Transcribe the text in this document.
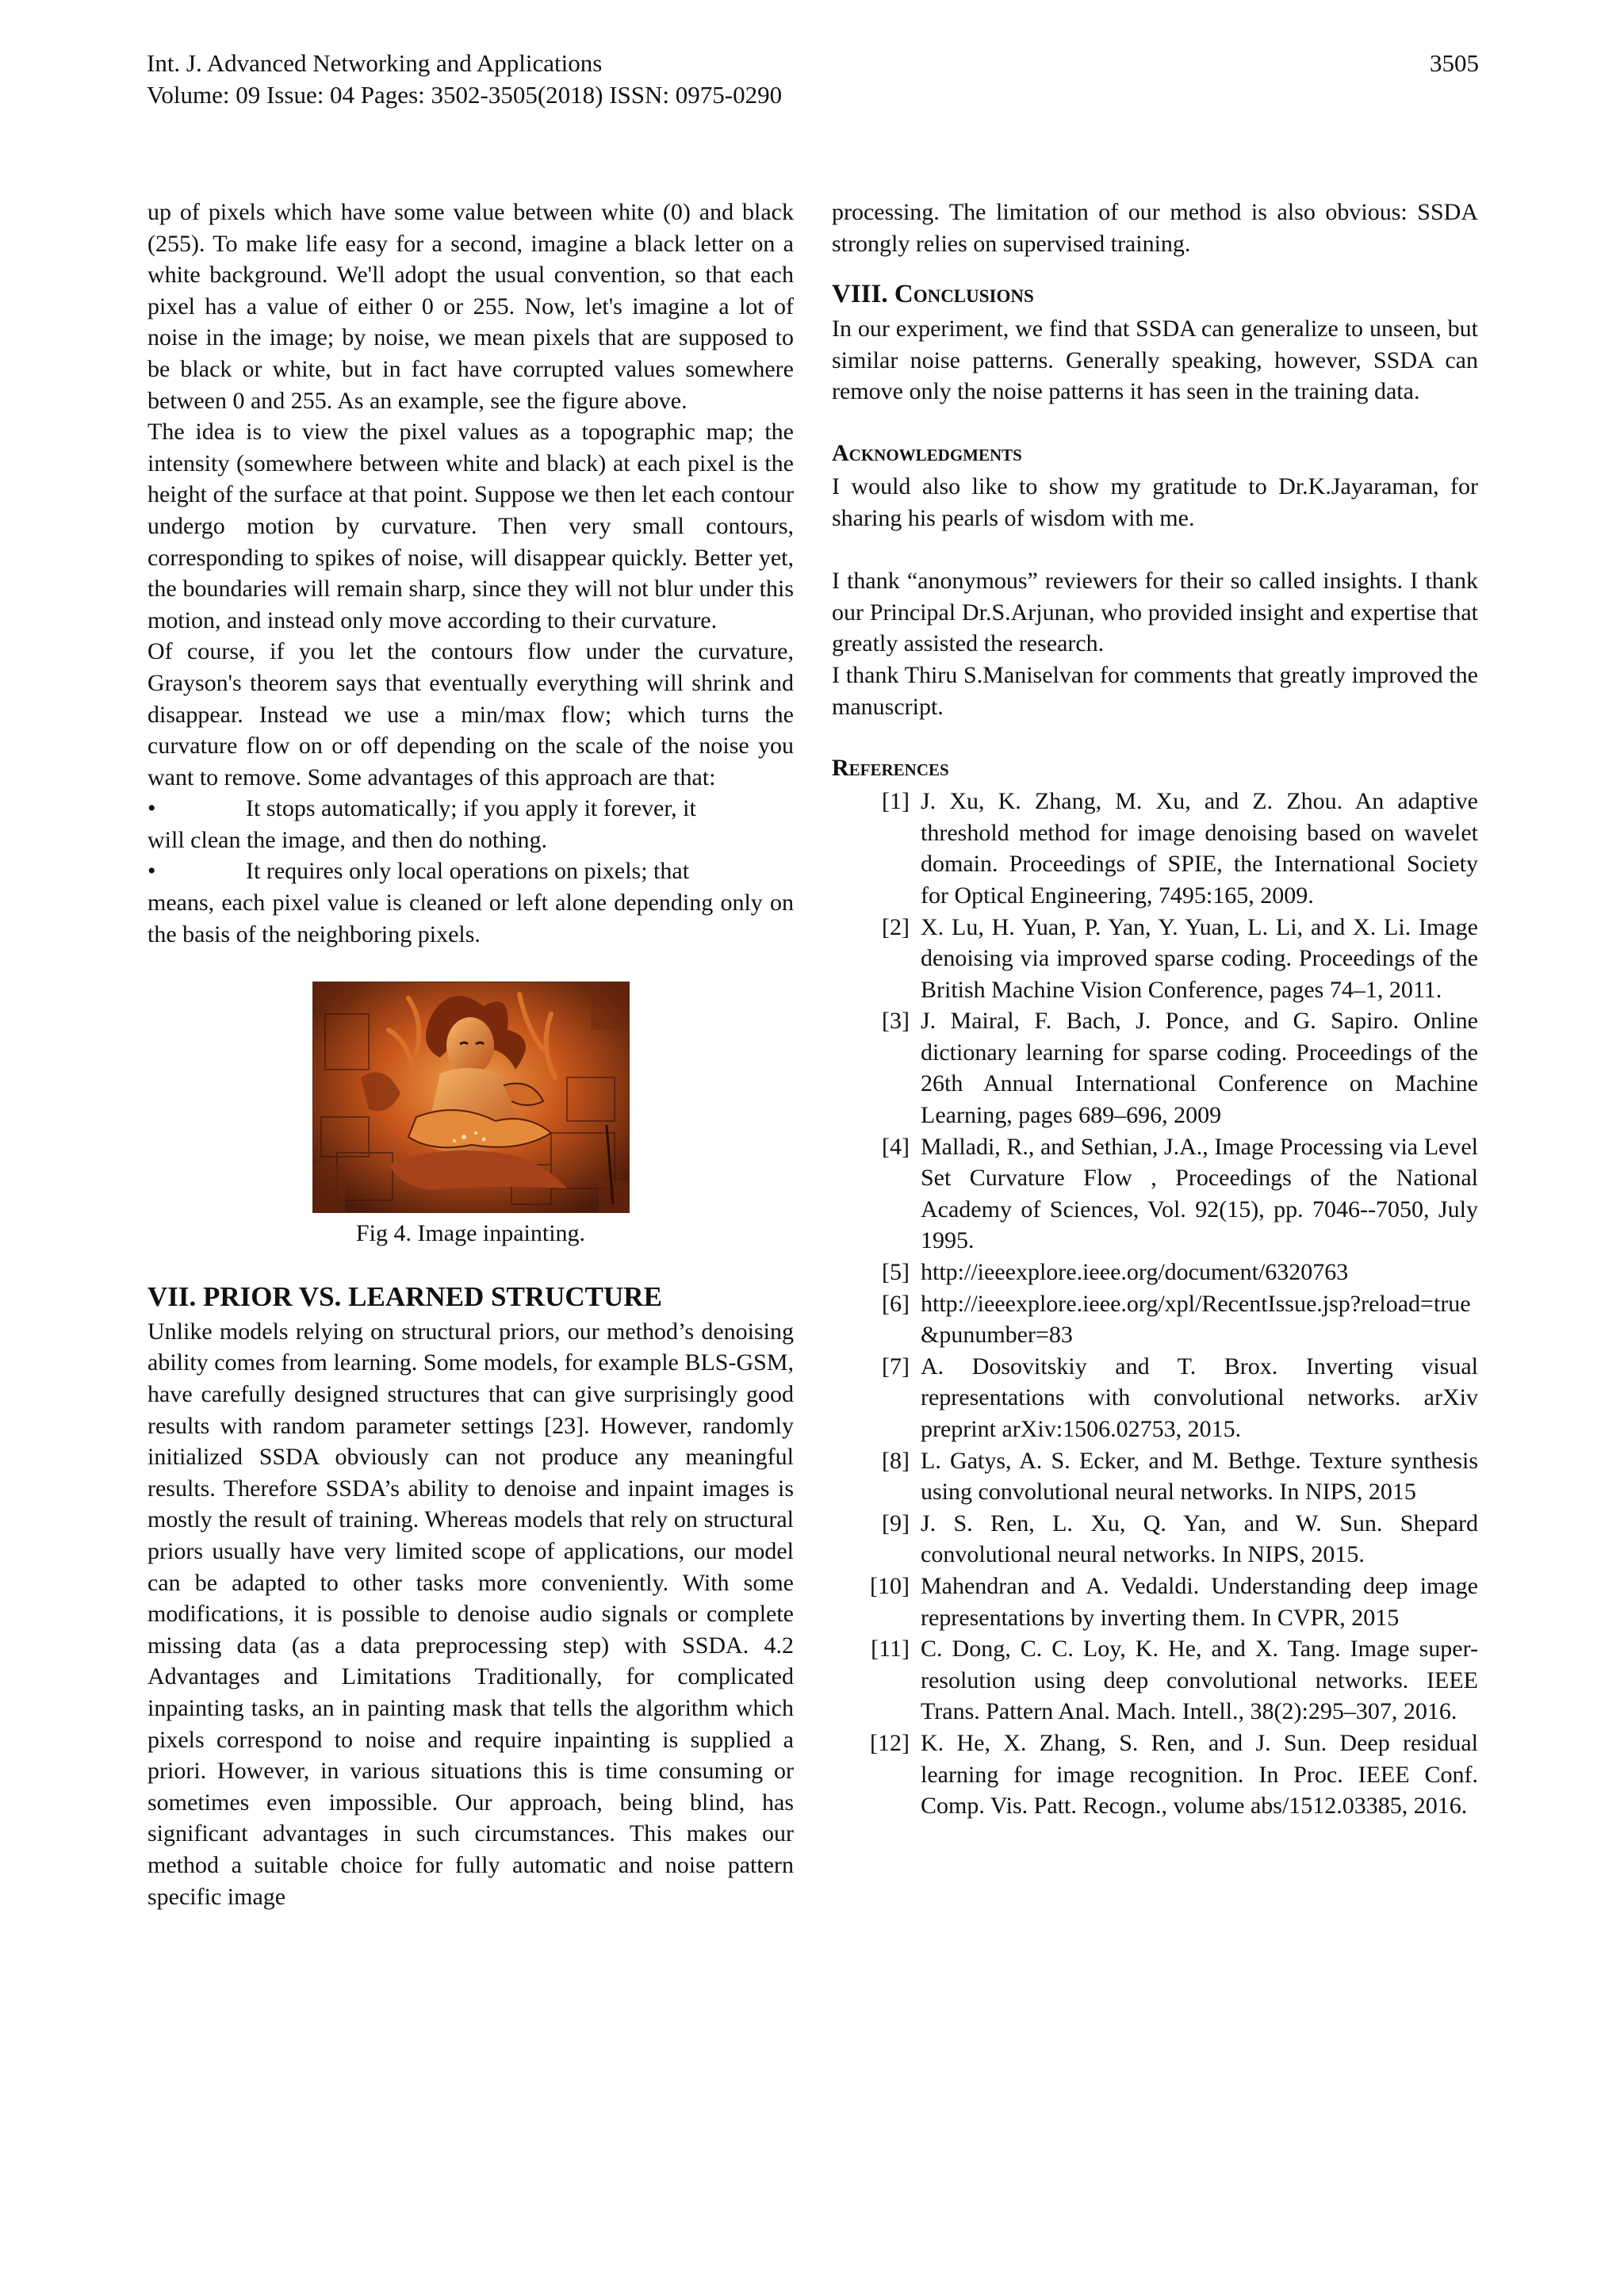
Int. J. Advanced Networking and Applications
Volume: 09 Issue: 04 Pages: 3502-3505(2018) ISSN: 0975-0290
3505

up of pixels which have some value between white (0) and black (255). To make life easy for a second, imagine a black letter on a white background. We'll adopt the usual convention, so that each pixel has a value of either 0 or 255. Now, let's imagine a lot of noise in the image; by noise, we mean pixels that are supposed to be black or white, but in fact have corrupted values somewhere between 0 and 255. As an example, see the figure above.

The idea is to view the pixel values as a topographic map; the intensity (somewhere between white and black) at each pixel is the height of the surface at that point. Suppose we then let each contour undergo motion by curvature. Then very small contours, corresponding to spikes of noise, will disappear quickly. Better yet, the boundaries will remain sharp, since they will not blur under this motion, and instead only move according to their curvature.

Of course, if you let the contours flow under the curvature, Grayson's theorem says that eventually everything will shrink and disappear. Instead we use a min/max flow; which turns the curvature flow on or off depending on the scale of the noise you want to remove. Some advantages of this approach are that:

•	It stops automatically; if you apply it forever, it

will clean the image, and then do nothing.

•	It requires only local operations on pixels; that

means, each pixel value is cleaned or left alone depending only on the basis of the neighboring pixels.

Fig 4. Image inpainting.
VII. PRIOR VS. LEARNED STRUCTURE

Unlike models relying on structural priors, our method’s denoising ability comes from learning. Some models, for example BLS-GSM, have carefully designed structures that can give surprisingly good results with random parameter settings [23]. However, randomly initialized SSDA obviously can not produce any meaningful results. Therefore SSDA’s ability to denoise and inpaint images is mostly the result of training. Whereas models that rely on structural priors usually have very limited scope of applications, our model can be adapted to other tasks more conveniently. With some modifications, it is possible to denoise audio signals or complete missing data (as a data preprocessing step) with SSDA. 4.2 Advantages and Limitations Traditionally, for complicated inpainting tasks, an in painting mask that tells the algorithm which pixels correspond to noise and require inpainting is supplied a priori. However, in various situations this is time consuming or sometimes even impossible. Our approach, being blind, has significant advantages in such circumstances. This makes our method a suitable choice for fully automatic and noise pattern specific image

processing. The limitation of our method is also obvious: SSDA strongly relies on supervised training.

VIII. Conclusions

In our experiment, we find that SSDA can generalize to unseen, but similar noise patterns. Generally speaking, however, SSDA can remove only the noise patterns it has seen in the training data.

Acknowledgments

I would also like to show my gratitude to Dr.K.Jayaraman, for sharing his pearls of wisdom with me.

I thank “anonymous” reviewers for their so called insights. I thank our Principal Dr.S.Arjunan, who provided insight and expertise that greatly assisted the research.

I thank Thiru S.Maniselvan for comments that greatly improved the manuscript.

References
[1] J. Xu, K. Zhang, M. Xu, and Z. Zhou. An adaptive threshold method for image denoising based on wavelet domain. Proceedings of SPIE, the International Society for Optical Engineering, 7495:165, 2009.
[2] X. Lu, H. Yuan, P. Yan, Y. Yuan, L. Li, and X. Li. Image denoising via improved sparse coding. Proceedings of the British Machine Vision Conference, pages 74–1, 2011.
[3] J. Mairal, F. Bach, J. Ponce, and G. Sapiro. Online dictionary learning for sparse coding. Proceedings of the 26th Annual International Conference on Machine Learning, pages 689–696, 2009
[4] Malladi, R., and Sethian, J.A., Image Processing via Level Set Curvature Flow , Proceedings of the National Academy of Sciences, Vol. 92(15), pp. 7046--7050, July 1995.
[5] http://ieeexplore.ieee.org/document/6320763
[6] http://ieeexplore.ieee.org/xpl/RecentIssue.jsp?reload=true&punumber=83
[7] A. Dosovitskiy and T. Brox. Inverting visual representations with convolutional networks. arXiv preprint arXiv:1506.02753, 2015.
[8] L. Gatys, A. S. Ecker, and M. Bethge. Texture synthesis using convolutional neural networks. In NIPS, 2015
[9] J. S. Ren, L. Xu, Q. Yan, and W. Sun. Shepard convolutional neural networks. In NIPS, 2015.
[10] Mahendran and A. Vedaldi. Understanding deep image representations by inverting them. In CVPR, 2015
[11] C. Dong, C. C. Loy, K. He, and X. Tang. Image super-resolution using deep convolutional networks. IEEE Trans. Pattern Anal. Mach. Intell., 38(2):295–307, 2016.
[12] K. He, X. Zhang, S. Ren, and J. Sun. Deep residual learning for image recognition. In Proc. IEEE Conf. Comp. Vis. Patt. Recogn., volume abs/1512.03385, 2016.
